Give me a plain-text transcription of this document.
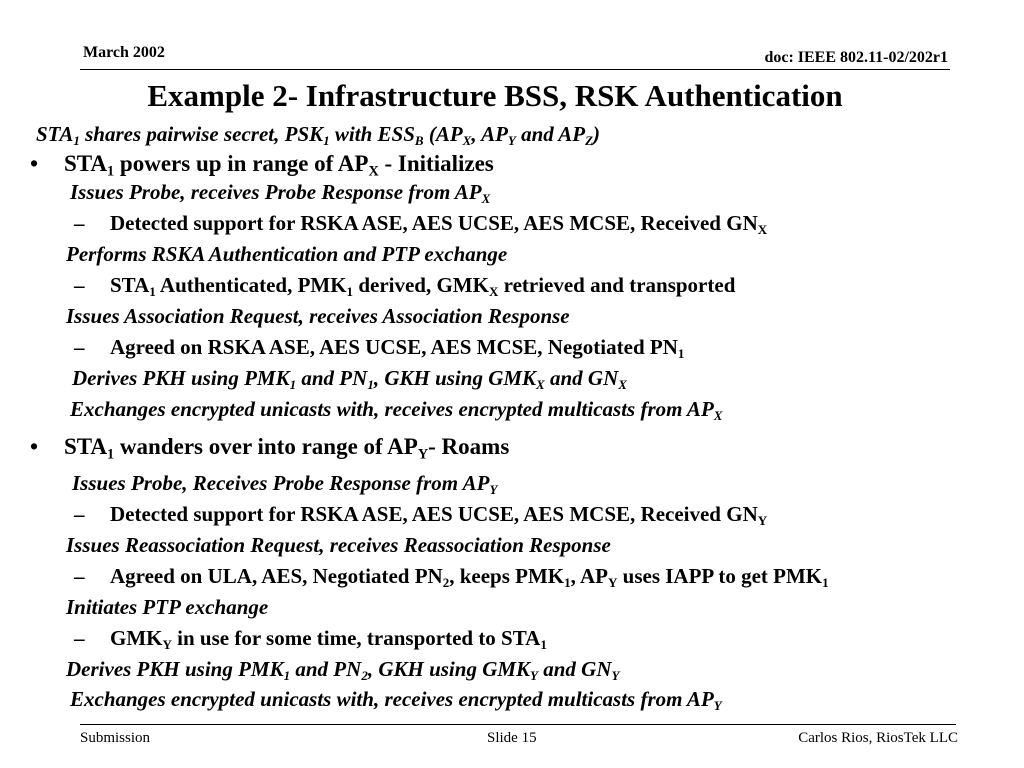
March 2002	doc: IEEE 802.11-02/202r1
Example 2- Infrastructure BSS, RSK Authentication
$STA_1$ shares pairwise secret, $PSK_1$ with $ESS_B$ ($AP_X$, $AP_Y$ and $AP_Z$)
• $STA_1$ powers up in range of $AP_X$ - Initializes
Issues Probe, receives Probe Response from $AP_X$
– Detected support for RSKA ASE, AES UCSE, AES MCSE, Received $GN_X$
Performs RSKA Authentication and PTP exchange
– $STA_1$ Authenticated, $PMK_1$ derived, $GMK_X$ retrieved and transported
Issues Association Request, receives Association Response
– Agreed on RSKA ASE, AES UCSE, AES MCSE, Negotiated $PN_1$
Derives PKH using $PMK_1$ and $PN_1$, GKH using $GMK_X$ and $GN_X$
Exchanges encrypted unicasts with, receives encrypted multicasts from $AP_X$
• $STA_1$ wanders over into range of $AP_Y-$ Roams
Issues Probe, Receives Probe Response from $AP_Y$
– Detected support for RSKA ASE, AES UCSE, AES MCSE, Received $GN_Y$
Issues Reassociation Request, receives Reassociation Response
– Agreed on ULA, AES, Negotiated $PN_2$, keeps $PMK_1$, $AP_Y$ uses IAPP to get $PMK_1$
Initiates PTP exchange
– $GMK_Y$ in use for some time, transported to $STA_1$
Derives PKH using $PMK_1$ and $PN_2$, GKH using $GMK_Y$ and $GN_Y$
Exchanges encrypted unicasts with, receives encrypted multicasts from $AP_Y$
Submission	Slide 15	Carlos Rios, RiosTek LLC
